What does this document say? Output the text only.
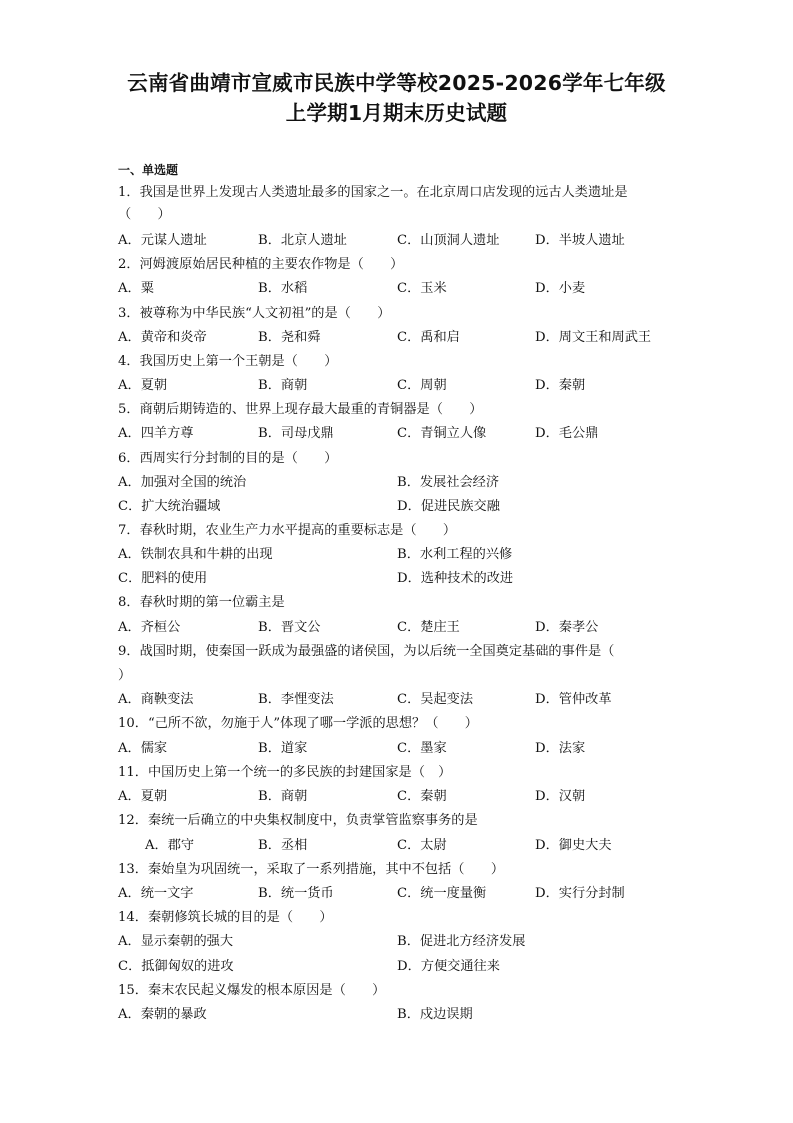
云南省曲靖市宣威市民族中学等校2025-2026学年七年级
上学期1月期末历史试题
一、单选题
1．我国是世界上发现古人类遗址最多的国家之一。在北京周口店发现的远古人类遗址是
（　　）
A．元谋人遗址	B．北京人遗址	C．山顶洞人遗址	D．半坡人遗址
2．河姆渡原始居民种植的主要农作物是（　　）
A．粟	B．水稻	C．玉米	D．小麦
3．被尊称为中华民族“人文初祖”的是（　　）
A．黄帝和炎帝	B．尧和舜	C．禹和启	D．周文王和周武王
4．我国历史上第一个王朝是（　　）
A．夏朝	B．商朝	C．周朝	D．秦朝
5．商朝后期铸造的、世界上现存最大最重的青铜器是（　　）
A．四羊方尊	B．司母戊鼎	C．青铜立人像	D．毛公鼎
6．西周实行分封制的目的是（　　）
A．加强对全国的统治	B．发展社会经济
C．扩大统治疆域	D．促进民族交融
7．春秋时期，农业生产力水平提高的重要标志是（　　）
A．铁制农具和牛耕的出现	B．水利工程的兴修
C．肥料的使用	D．选种技术的改进
8．春秋时期的第一位霸主是
A．齐桓公	B．晋文公	C．楚庄王	D．秦孝公
9．战国时期，使秦国一跃成为最强盛的诸侯国，为以后统一全国奠定基础的事件是（
）
A．商鞅变法	B．李悝变法	C．吴起变法	D．管仲改革
10．“己所不欲，勿施于人”体现了哪一学派的思想？（　　）
A．儒家	B．道家	C．墨家	D．法家
11．中国历史上第一个统一的多民族的封建国家是（　）
A．夏朝	B．商朝	C．秦朝	D．汉朝
12．秦统一后确立的中央集权制度中，负责掌管监察事务的是
A．郡守	B．丞相	C．太尉	D．御史大夫
13．秦始皇为巩固统一，采取了一系列措施，其中不包括（　　）
A．统一文字	B．统一货币	C．统一度量衡	D．实行分封制
14．秦朝修筑长城的目的是（　　）
A．显示秦朝的强大	B．促进北方经济发展
C．抵御匈奴的进攻	D．方便交通往来
15．秦末农民起义爆发的根本原因是（　　）
A．秦朝的暴政	B．戍边误期
